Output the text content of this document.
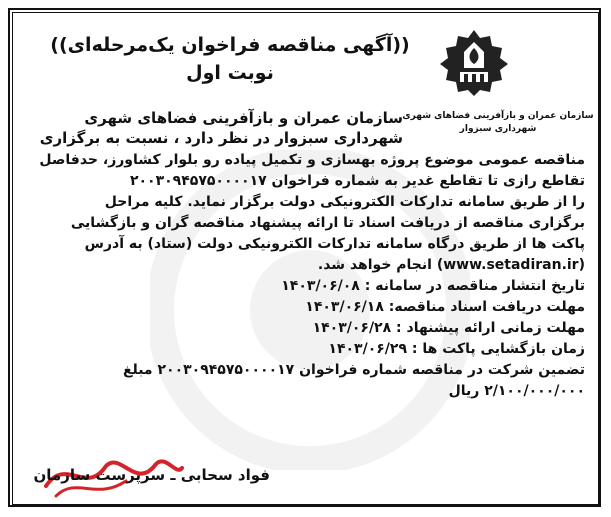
سازمان عمران و بازآفرینی فضاهای شهری
شهرداری سبزوار
((آگهی مناقصه فراخوان یک‌مرحله‌ای))
نوبت اول
سازمان عمران و بازآفرینی فضاهای شهری
شهرداری سبزوار در نظر دارد ، نسبت به برگزاری
مناقصه عمومی موضوع پروژه بهسازی و تکمیل پیاده رو بلوار کشاورز، حدفاصل
تقاطع رازی تا تقاطع غدیر به شماره فراخوان ۲۰۰۳۰۹۴۵۷۵۰۰۰۰۱۷
را از طریق سامانه تدارکات الکترونیکی دولت برگزار نماید. کلیه مراحل
برگزاری مناقصه از دریافت اسناد تا ارائه پیشنهاد مناقصه گران و بازگشایی
پاکت ها از طریق درگاه سامانه تدارکات الکترونیکی دولت (ستاد) به آدرس
(www.setadiran.ir) انجام خواهد شد.
تاریخ انتشار مناقصه در سامانه : ۱۴۰۳/۰۶/۰۸
مهلت دریافت اسناد مناقصه: ۱۴۰۳/۰۶/۱۸
مهلت زمانی ارائه پیشنهاد : ۱۴۰۳/۰۶/۲۸
زمان بازگشایی پاکت ها : ۱۴۰۳/۰۶/۲۹
تضمین شرکت در مناقصه شماره فراخوان ۲۰۰۳۰۹۴۵۷۵۰۰۰۰۱۷ مبلغ
۲/۱۰۰/۰۰۰/۰۰۰ ریال
فواد سحابی ـ سرپرست سازمان
